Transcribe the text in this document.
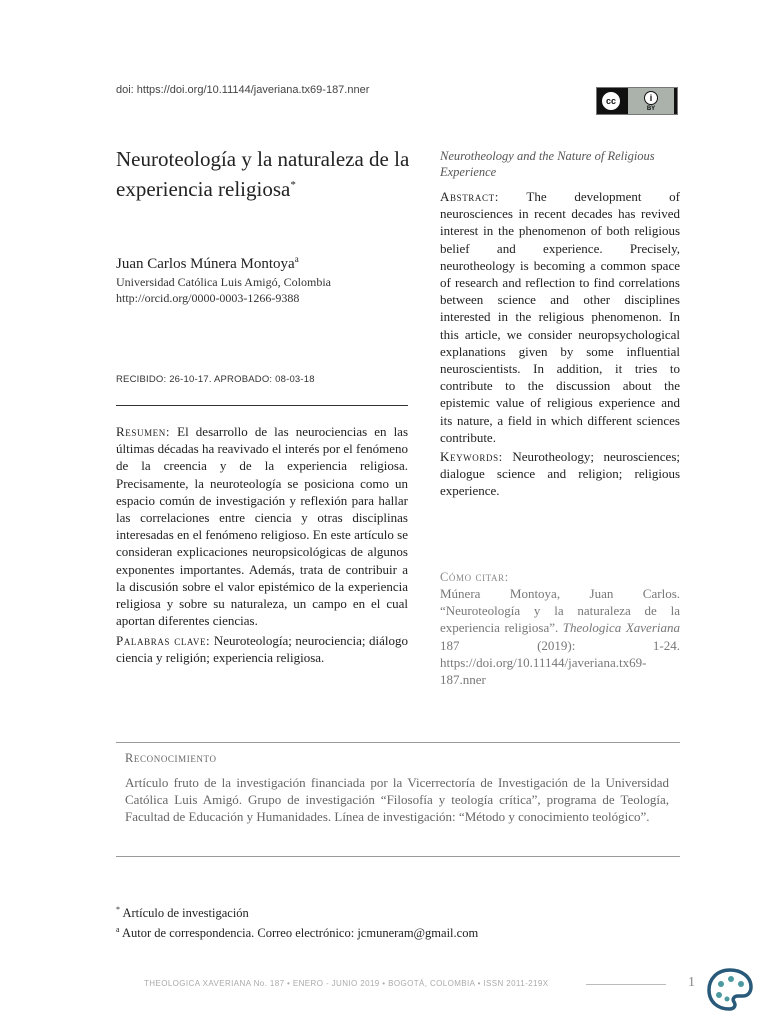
doi: https://doi.org/10.11144/javeriana.tx69-187.nner
cc	i
BY
Neuroteología y la naturaleza de la experiencia religiosa*
Juan Carlos Múnera Montoya$^a$
Universidad Católica Luis Amigó, Colombia
http://orcid.org/0000-0003-1266-9388
RECIBIDO: 26-10-17. APROBADO: 08-03-18
Resumen: El desarrollo de las neurociencias en las últimas décadas ha reavivado el interés por el fenómeno de la creencia y de la experiencia religiosa. Precisamente, la neuroteología se posiciona como un espacio común de investigación y reflexión para hallar las correlaciones entre ciencia y otras disciplinas interesadas en el fenómeno religioso. En este artículo se consideran explicaciones neuropsicológicas de algunos exponentes importantes. Además, trata de contribuir a la discusión sobre el valor epistémico de la experiencia religiosa y sobre su naturaleza, un campo en el cual aportan diferentes ciencias.
Palabras clave: Neuroteología; neurociencia; diálogo ciencia y religión; experiencia religiosa.
Neurotheology and the Nature of Religious Experience
Abstract: The development of neurosciences in recent decades has revived interest in the phenomenon of both religious belief and experience. Precisely, neurotheology is becoming a common space of research and reflection to find correlations between science and other disciplines interested in the religious phenomenon. In this article, we consider neuropsychological explanations given by some influential neuroscientists. In addition, it tries to contribute to the discussion about the epistemic value of religious experience and its nature, a field in which different sciences contribute.
Keywords: Neurotheology; neurosciences; dialogue science and religion; religious experience.
Cómo citar:
Múnera Montoya, Juan Carlos. “Neuroteología y la naturaleza de la experiencia religiosa”. Theologica Xaveriana 187 (2019): 1-24. https://doi.org/10.11144/javeriana.tx69-187.nner
Reconocimiento
Artículo fruto de la investigación financiada por la Vicerrectoría de Investigación de la Universidad Católica Luis Amigó. Grupo de investigación “Filosofía y teología crítica”, programa de Teología, Facultad de Educación y Humanidades. Línea de investigación: “Método y conocimiento teológico”.
* Artículo de investigación
$^a$ Autor de correspondencia. Correo electrónico: jcmuneram@gmail.com
THEOLOGICA XAVERIANA No. 187 • ENERO - JUNIO 2019 • BOGOTÁ, COLOMBIA • ISSN 2011-219X	1
